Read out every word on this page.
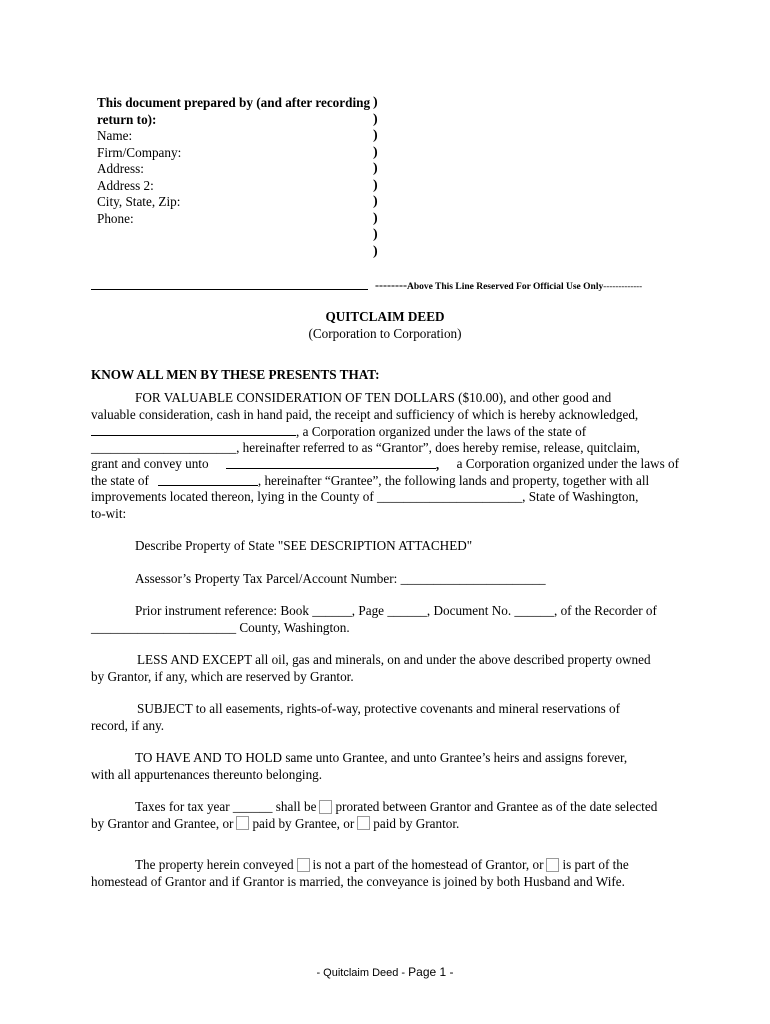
This document prepared by (and after recording
return to):
Name:
Firm/Company:
Address:
Address 2:
City, State, Zip:
Phone:
)
)
)
)
)
)
)
)
)
)
--------Above This Line Reserved For Official Use Only-------------
QUITCLAIM DEED
(Corporation to Corporation)
KNOW ALL MEN BY THESE PRESENTS THAT:
FOR VALUABLE CONSIDERATION OF TEN DOLLARS ($10.00), and other good and
valuable consideration, cash in hand paid, the receipt and sufficiency of which is hereby acknowledged,
, a Corporation organized under the laws of the state of
______________________, hereinafter referred to as “Grantor”, does hereby remise, release, quitclaim,
grant and convey unto	, a Corporation organized under the laws of
the state of	, hereinafter “Grantee”, the following lands and property, together with all
improvements located thereon, lying in the County of ______________________, State of Washington,
to-wit:
Describe Property of State "SEE DESCRIPTION ATTACHED"
Assessor’s Property Tax Parcel/Account Number: ______________________
Prior instrument reference: Book ______, Page ______, Document No. ______, of the Recorder of
______________________ County, Washington.
LESS AND EXCEPT all oil, gas and minerals, on and under the above described property owned
by Grantor, if any, which are reserved by Grantor.
SUBJECT to all easements, rights-of-way, protective covenants and mineral reservations of
record, if any.
TO HAVE AND TO HOLD same unto Grantee, and unto Grantee’s heirs and assigns forever,
with all appurtenances thereunto belonging.
Taxes for tax year ______ shall be prorated between Grantor and Grantee as of the date selected
by Grantor and Grantee, or paid by Grantee, or paid by Grantor.
The property herein conveyed is not a part of the homestead of Grantor, or is part of the
homestead of Grantor and if Grantor is married, the conveyance is joined by both Husband and Wife.
- Quitclaim Deed - Page 1 -
